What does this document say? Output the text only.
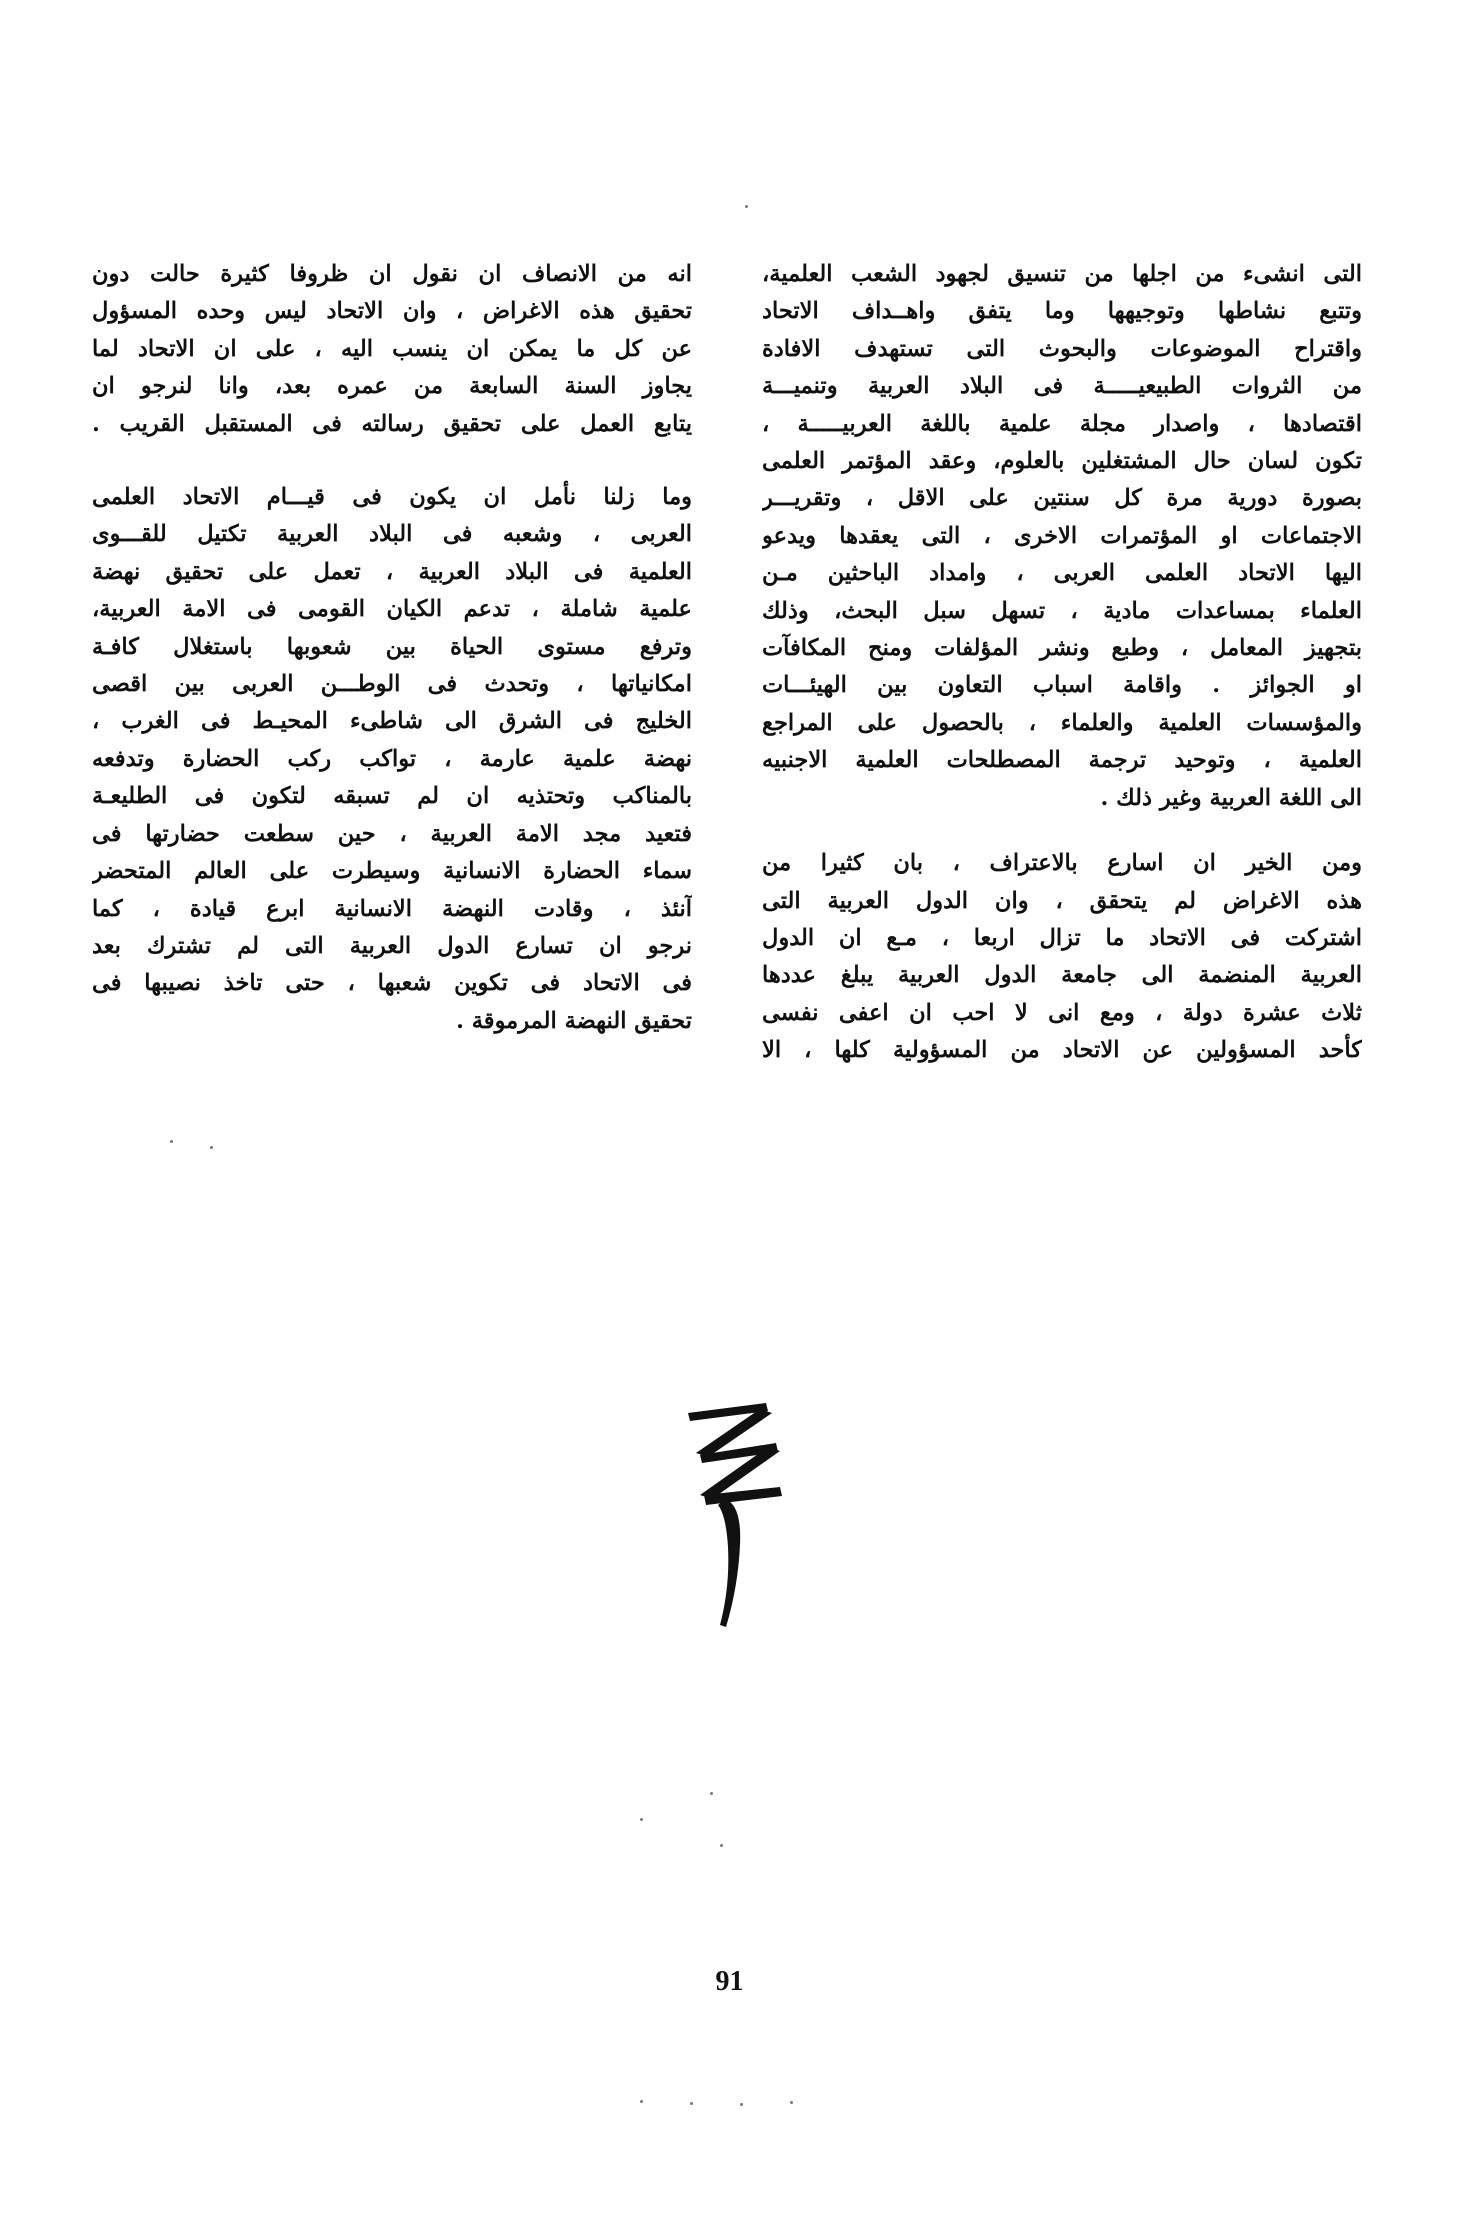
التى انشىء من اجلها من تنسيق لجهود الشعب العلمية،
وتتبع نشاطها وتوجيهها وما يتفق واهــداف الاتحاد
واقتراح الموضوعات والبحوث التى تستهدف الافادة
من الثروات الطبيعيـــــة فى البلاد العربية وتنميـــة
اقتصادها ، واصدار مجلة علمية باللغة العربيـــــة ،
تكون لسان حال المشتغلين بالعلوم، وعقد المؤتمر العلمى
بصورة دورية مرة كل سنتين على الاقل ، وتقريـــر
الاجتماعات او المؤتمرات الاخرى ، التى يعقدها ويدعو
اليها الاتحاد العلمى العربى ، وامداد الباحثين مـن
العلماء بمساعدات مادية ، تسهل سبل البحث، وذلك
بتجهيز المعامل ، وطبع ونشر المؤلفات ومنح المكافآت
او الجوائز . واقامة اسباب التعاون بين الهيئـــات
والمؤسسات العلمية والعلماء ، بالحصول على المراجع
العلمية ، وتوحيد ترجمة المصطلحات العلمية الاجنبيه
الى اللغة العربية وغير ذلك .
ومن الخير ان اسارع بالاعتراف ، بان كثيرا من
هذه الاغراض لم يتحقق ، وان الدول العربية التى
اشتركت فى الاتحاد ما تزال اربعا ، مـع ان الدول
العربية المنضمة الى جامعة الدول العربية يبلغ عددها
ثلاث عشرة دولة ، ومع انى لا احب ان اعفى نفسى
كأحد المسؤولين عن الاتحاد من المسؤولية كلها ، الا
انه من الانصاف ان نقول ان ظروفا كثيرة حالت دون
تحقيق هذه الاغراض ، وان الاتحاد ليس وحده المسؤول
عن كل ما يمكن ان ينسب اليه ، على ان الاتحاد لما
يجاوز السنة السابعة من عمره بعد، وانا لنرجو ان
يتابع العمل على تحقيق رسالته فى المستقبل القريب .
وما زلنا نأمل ان يكون فى قيـــام الاتحاد العلمى
العربى ، وشعبه فى البلاد العربية تكتيل للقـــوى
العلمية فى البلاد العربية ، تعمل على تحقيق نهضة
علمية شاملة ، تدعم الكيان القومى فى الامة العربية،
وترفع مستوى الحياة بين شعوبها باستغلال كافـة
امكانياتها ، وتحدث فى الوطـــن العربى بين اقصى
الخليج فى الشرق الى شاطىء المحيـط فى الغرب ،
نهضة علمية عارمة ، تواكب ركب الحضارة وتدفعه
بالمناكب وتحتذيه ان لم تسبقه لتكون فى الطليعـة
فتعيد مجد الامة العربية ، حين سطعت حضارتها فى
سماء الحضارة الانسانية وسيطرت على العالم المتحضر
آنئذ ، وقادت النهضة الانسانية ابرع قيادة ، كما
نرجو ان تسارع الدول العربية التى لم تشترك بعد
فى الاتحاد فى تكوين شعبها ، حتى تاخذ نصيبها فى
تحقيق النهضة المرموقة .
91
